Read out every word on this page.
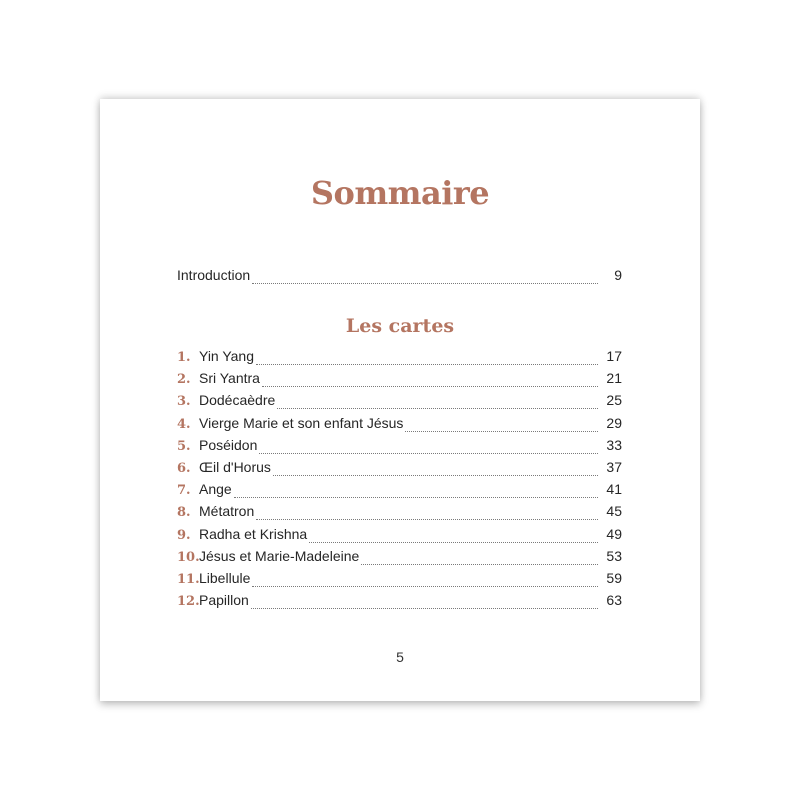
Sommaire
Introduction	9
Les cartes
1. Yin Yang	17
2. Sri Yantra	21
3. Dodécaèdre	25
4. Vierge Marie et son enfant Jésus	29
5. Poséidon	33
6. Œil d'Horus	37
7. Ange	41
8. Métatron	45
9. Radha et Krishna	49
10. Jésus et Marie-Madeleine	53
11. Libellule	59
12. Papillon	63
5
